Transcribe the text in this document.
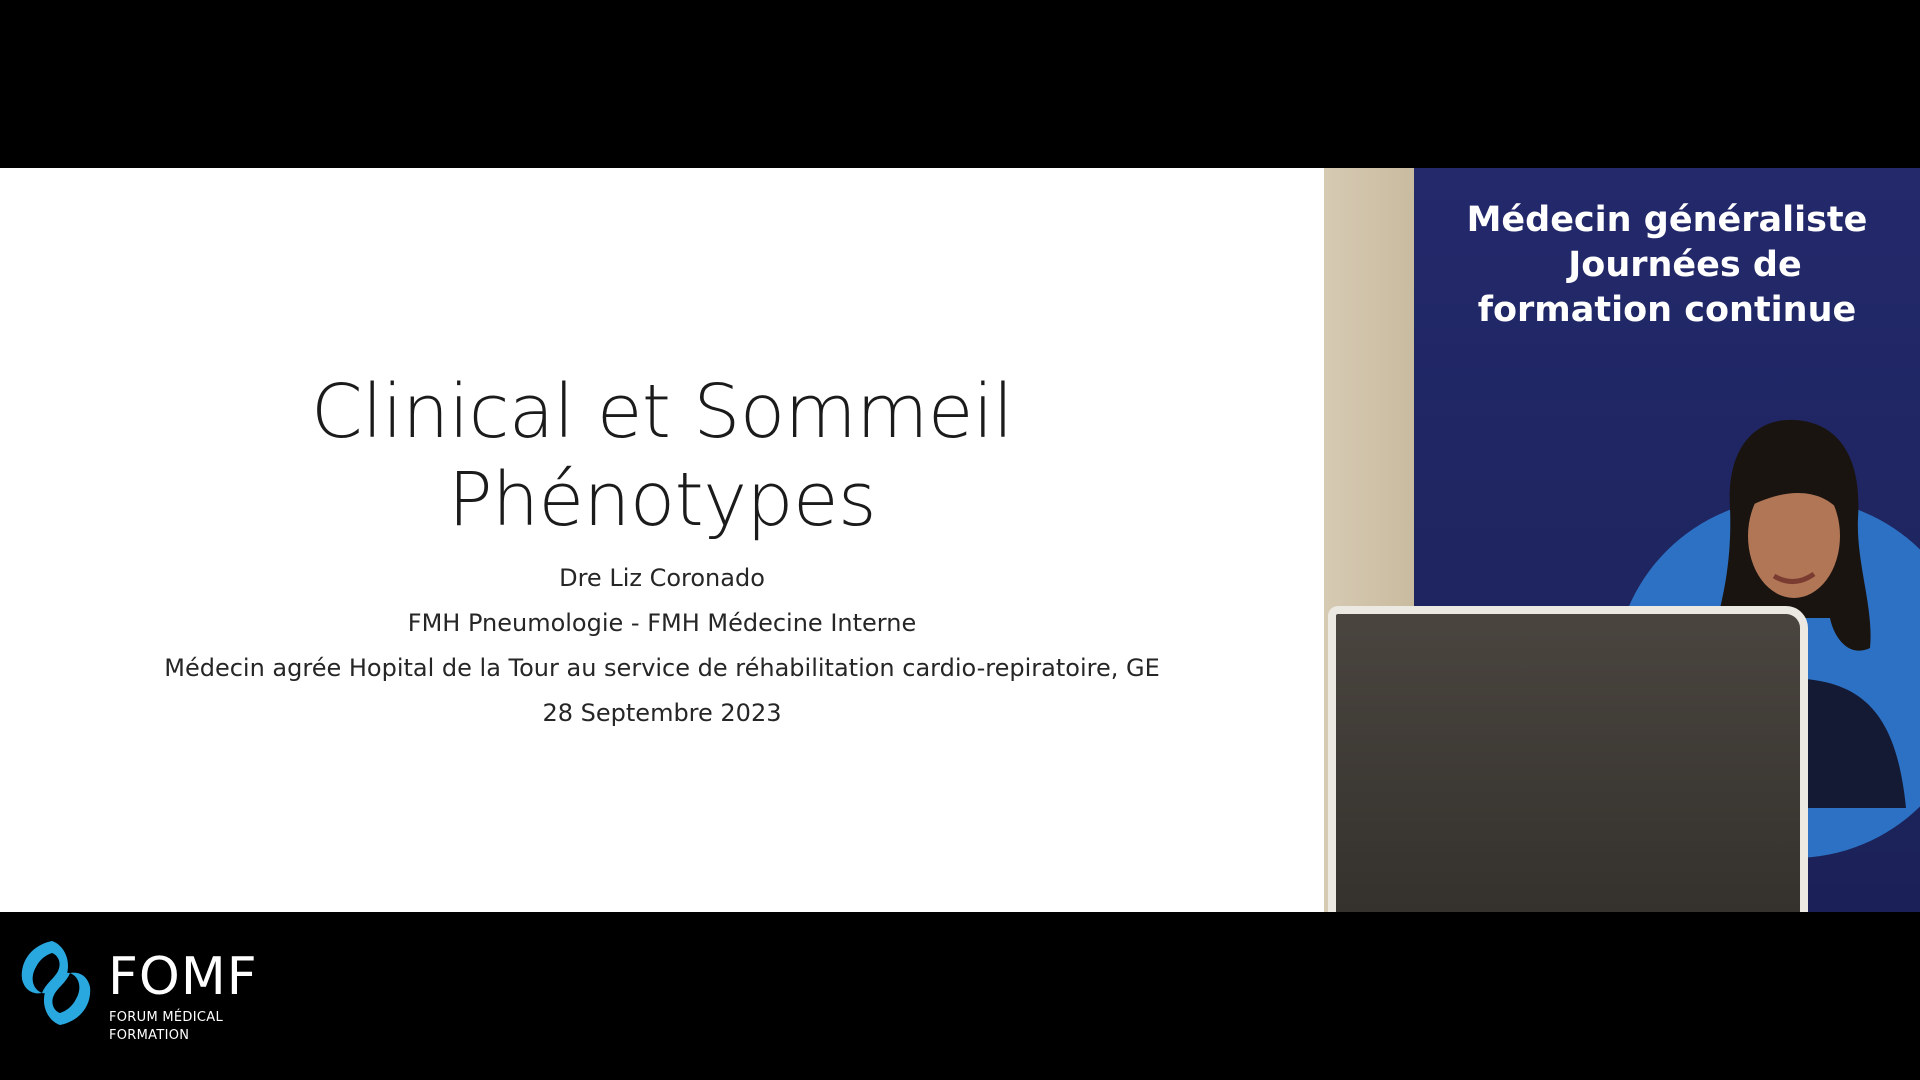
Clinical et Sommeil
Phénotypes
Dre Liz Coronado
FMH Pneumologie - FMH Médecine Interne
Médecin agrée Hopital de la Tour au service de réhabilitation cardio-repiratoire, GE
28 Septembre 2023
Médecin généraliste
Journées de
formation continue
FOMF
FORUM MÉDICAL
FORMATION
